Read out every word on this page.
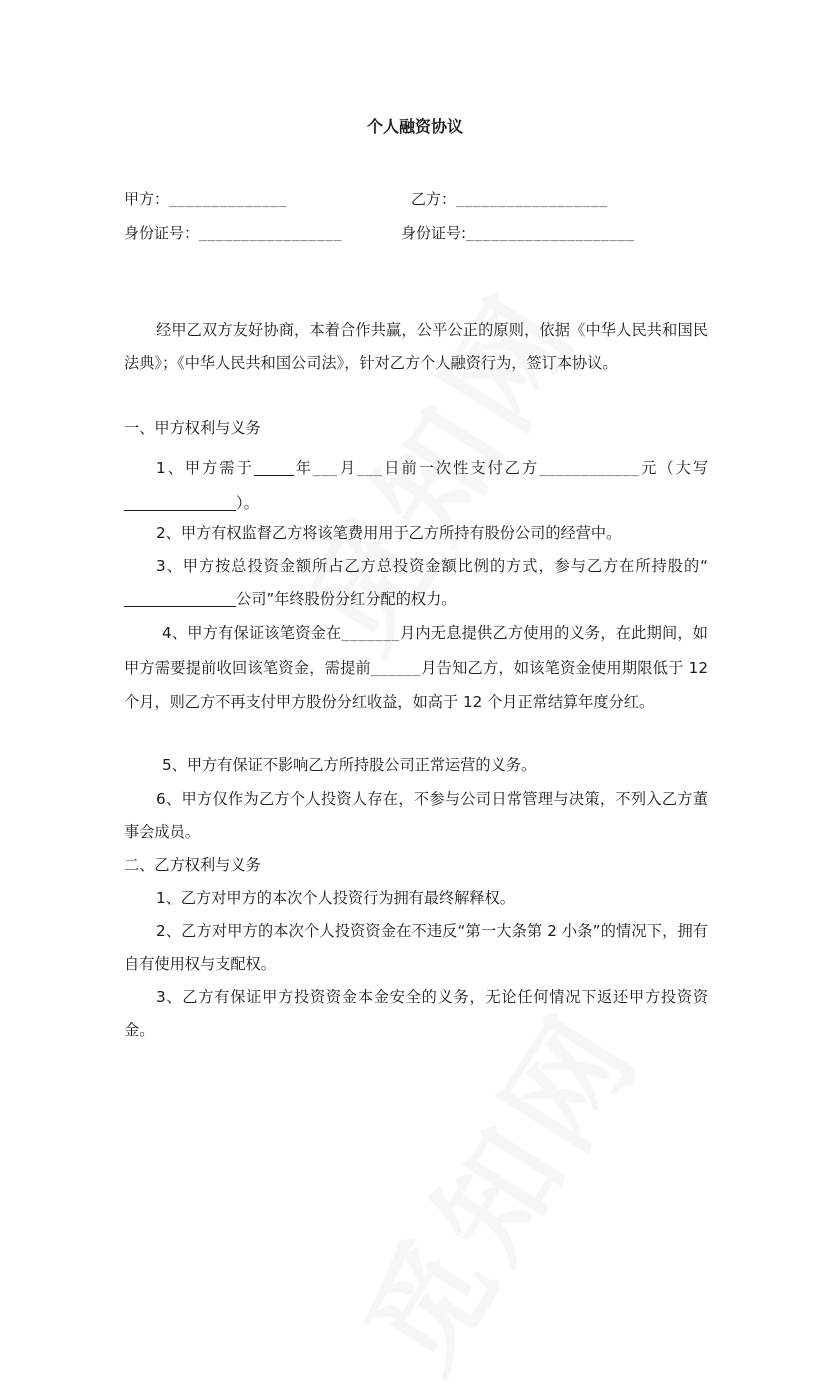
个人融资协议
甲方：______________	乙方：__________________
身份证号：_________________	身份证号:____________________
经甲乙双方友好协商，本着合作共赢，公平公正的原则，依据《中华人民共和国民法典》；《中华人民共和国公司法》，针对乙方个人融资行为，签订本协议。
一、甲方权利与义务
1、甲方需于	年___月___日前一次性支付乙方____________元（大写）。
2、甲方有权监督乙方将该笔费用用于乙方所持有股份公司的经营中。
3、甲方按总投资金额所占乙方总投资金额比例的方式，参与乙方在所持股的“公司”年终股份分红分配的权力。
4、甲方有保证该笔资金在_______月内无息提供乙方使用的义务，在此期间，如甲方需要提前收回该笔资金，需提前______月告知乙方，如该笔资金使用期限低于 12 个月，则乙方不再支付甲方股份分红收益，如高于 12 个月正常结算年度分红。
5、甲方有保证不影响乙方所持股公司正常运营的义务。
6、甲方仅作为乙方个人投资人存在，不参与公司日常管理与决策，不列入乙方董事会成员。
二、乙方权利与义务
1、乙方对甲方的本次个人投资行为拥有最终解释权。
2、乙方对甲方的本次个人投资资金在不违反“第一大条第 2 小条”的情况下，拥有自有使用权与支配权。
3、乙方有保证甲方投资资金本金安全的义务，无论任何情况下返还甲方投资资金。
